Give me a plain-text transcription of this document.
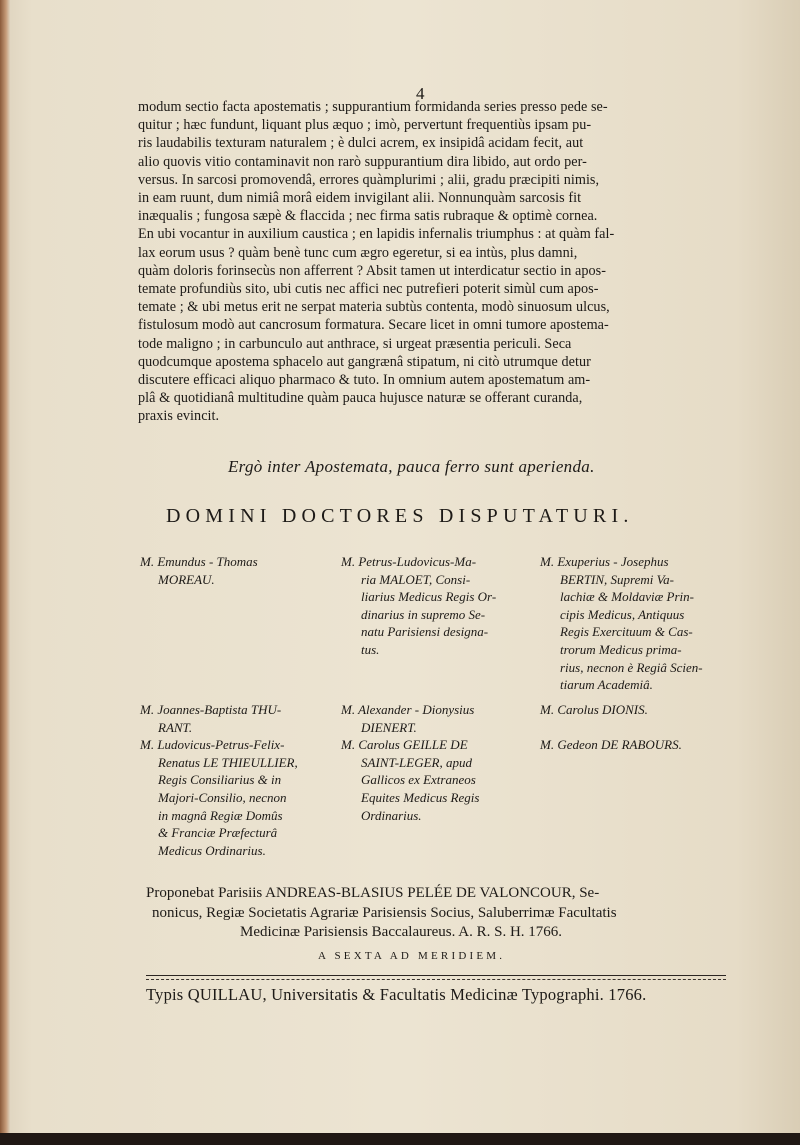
4
modum sectio facta apostematis ; suppurantium formidanda series presso pede se-
quitur ; hæc fundunt, liquant plus æquo ; imò, pervertunt frequentiùs ipsam pu-
ris laudabilis texturam naturalem ; è dulci acrem, ex insipidâ acidam fecit, aut
alio quovis vitio contaminavit non rarò suppurantium dira libido, aut ordo per-
versus. In sarcosi promovendâ, errores quàmplurimi ; alii, gradu præcipiti nimis,
in eam ruunt, dum nimiâ morâ eidem invigilant alii. Nonnunquàm sarcosis fit
inæqualis ; fungosa sæpè & flaccida ; nec firma satis rubraque & optimè cornea.
En ubi vocantur in auxilium caustica ; en lapidis infernalis triumphus : at quàm fal-
lax eorum usus ? quàm benè tunc cum ægro egeretur, si ea intùs, plus damni,
quàm doloris forinsecùs non afferrent ? Absit tamen ut interdicatur sectio in apos-
temate profundiùs sito, ubi cutis nec affici nec putrefieri poterit simùl cum apos-
temate ; & ubi metus erit ne serpat materia subtùs contenta, modò sinuosum ulcus,
fistulosum modò aut cancrosum formatura. Secare licet in omni tumore apostema-
tode maligno ; in carbunculo aut anthrace, si urgeat præsentia periculi. Seca
quodcumque apostema sphacelo aut gangrænâ stipatum, ni citò utrumque detur
discutere efficaci aliquo pharmaco & tuto. In omnium autem apostematum am-
plâ & quotidianâ multitudine quàm pauca hujusce naturæ se offerant curanda,
praxis evincit.
Ergò inter Apostemata, pauca ferro sunt aperienda.
DOMINI DOCTORES DISPUTATURI.
M. Emundus - Thomas
MOREAU.
M. Petrus-Ludovicus-Ma-
ria MALOET, Consi-
liarius Medicus Regis Or-
dinarius in supremo Se-
natu Parisiensi designa-
tus.
M. Exuperius - Josephus
BERTIN, Supremi Va-
lachiæ & Moldaviæ Prin-
cipis Medicus, Antiquus
Regis Exercituum & Cas-
trorum Medicus prima-
rius, necnon è Regiâ Scien-
tiarum Academiâ.
M. Joannes-Baptista THU-
RANT.
M. Ludovicus-Petrus-Felix-
Renatus LE THIEULLIER,
Regis Consiliarius & in
Majori-Consilio, necnon
in magnâ Regiæ Domûs
& Franciæ Præfecturâ
Medicus Ordinarius.
M. Alexander - Dionysius
DIENERT.
M. Carolus GEILLE DE
SAINT-LEGER, apud
Gallicos ex Extraneos
Equites Medicus Regis
Ordinarius.
M. Carolus DIONIS.
M. Gedeon DE RABOURS.
Proponebat Parisiis ANDREAS-BLASIUS PELÉE DE VALONCOUR, Se-
nonicus, Regiæ Societatis Agrariæ Parisiensis Socius, Saluberrimæ Facultatis
Medicinæ Parisiensis Baccalaureus. A. R. S. H. 1766.
A SEXTA AD MERIDIEM.
Typis QUILLAU, Universitatis & Facultatis Medicinæ Typographi. 1766.
